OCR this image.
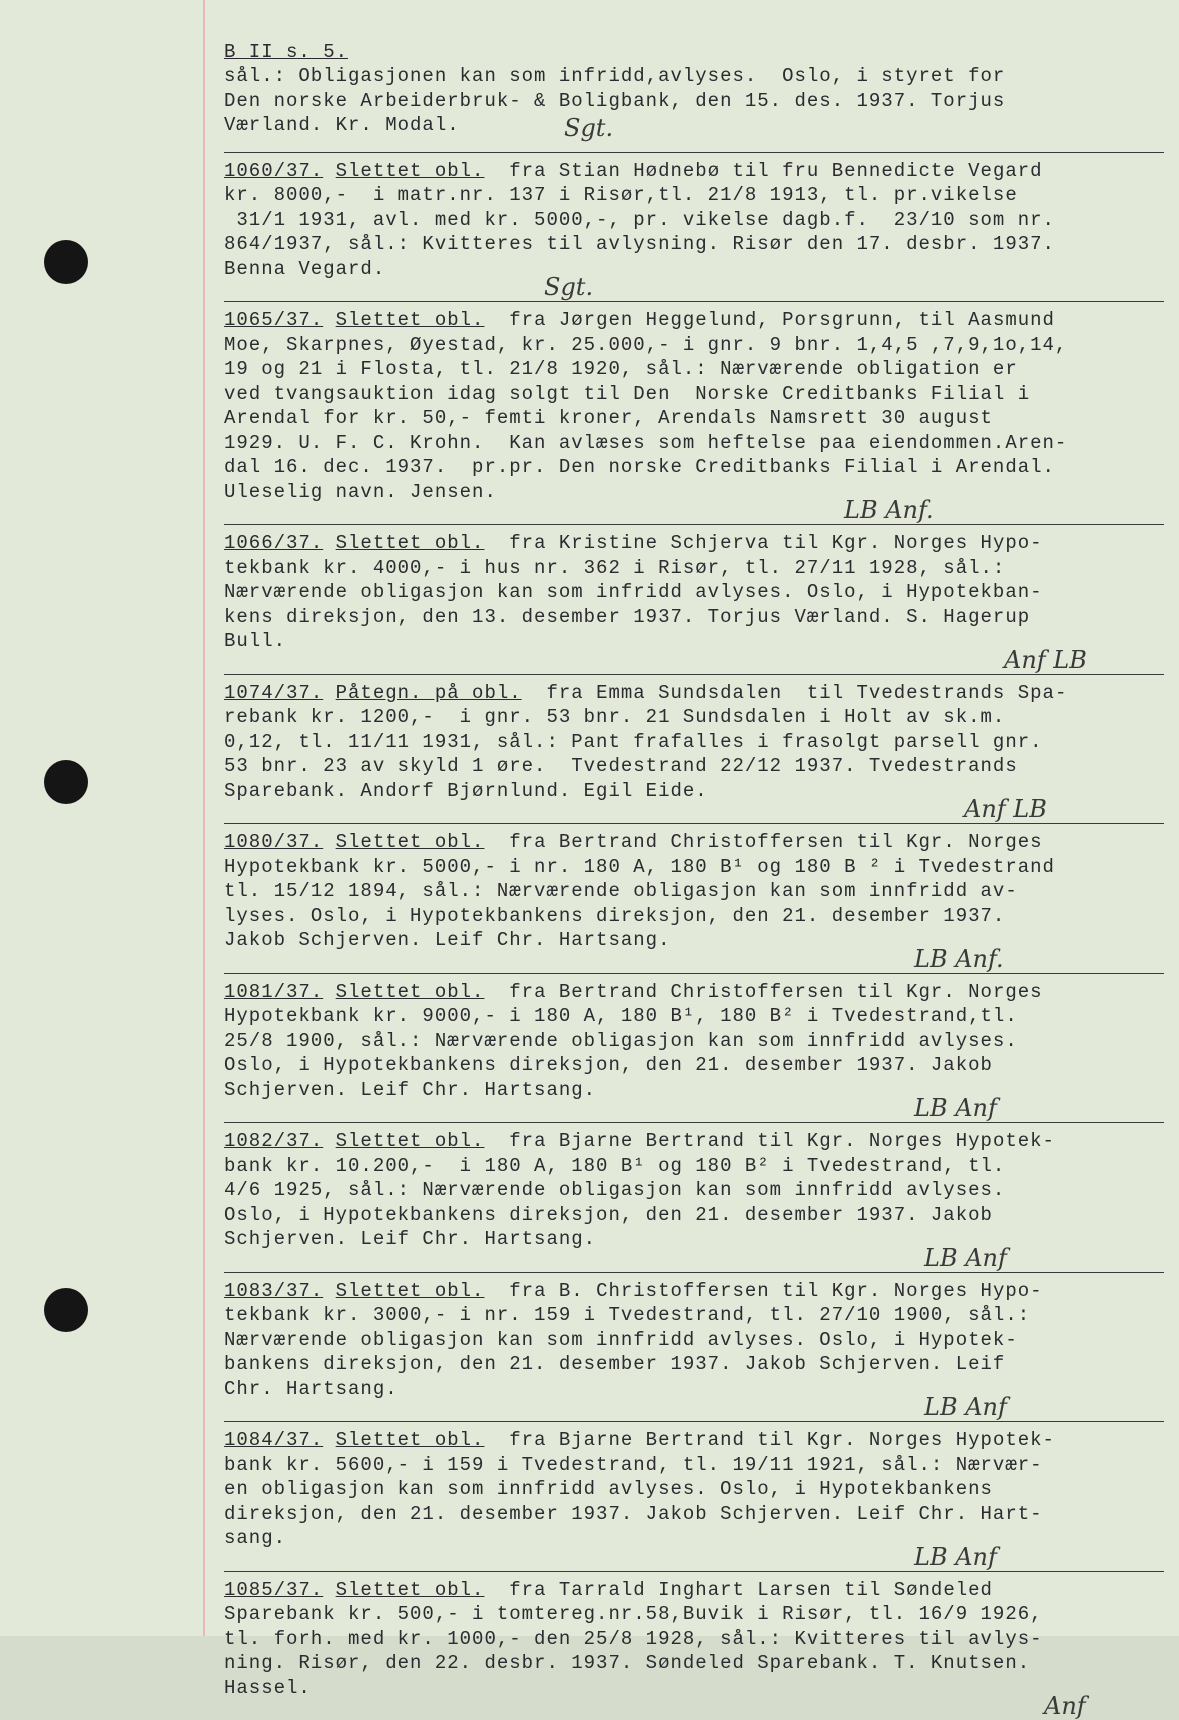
B II s. 5.
sål.: Obligasjonen kan som infridd,avlyses.  Oslo, i styret for
Den norske Arbeiderbruk- & Boligbank, den 15. des. 1937. Torjus
Værland. Kr. Modal.	Sgt.
1060/37. Slettet obl. fra Stian Hødnebø til fru Bennedicte Vegard
kr. 8000,-  i matr.nr. 137 i Risør,tl. 21/8 1913, tl. pr.vikelse
31/1 1931, avl. med kr. 5000,-, pr. vikelse dagb.f.  23/10 som nr.
864/1937, sål.: Kvitteres til avlysning. Risør den 17. desbr. 1937.
Benna Vegard.
Sgt.
1065/37. Slettet obl. fra Jørgen Heggelund, Porsgrunn, til Aasmund
Moe, Skarpnes, Øyestad, kr. 25.000,- i gnr. 9 bnr. 1,4,5 ,7,9,1o,14,
19 og 21 i Flosta, tl. 21/8 1920, sål.: Nærværende obligation er
ved tvangsauktion idag solgt til Den  Norske Creditbanks Filial i
Arendal for kr. 50,- femti kroner, Arendals Namsrett 30 august
1929. U. F. C. Krohn.  Kan avlæses som heftelse paa eiendommen.Aren-
dal 16. dec. 1937.  pr.pr. Den norske Creditbanks Filial i Arendal.
Uleselig navn. Jensen.
LB Anf.
1066/37. Slettet obl. fra Kristine Schjerva til Kgr. Norges Hypo-
tekbank kr. 4000,- i hus nr. 362 i Risør, tl. 27/11 1928, sål.:
Nærværende obligasjon kan som infridd avlyses. Oslo, i Hypotekban-
kens direksjon, den 13. desember 1937. Torjus Værland. S. Hagerup
Bull.
Anf LB
1074/37. Påtegn. på obl. fra Emma Sundsdalen  til Tvedestrands Spa-
rebank kr. 1200,-  i gnr. 53 bnr. 21 Sundsdalen i Holt av sk.m.
0,12, tl. 11/11 1931, sål.: Pant frafalles i frasolgt parsell gnr.
53 bnr. 23 av skyld 1 øre.  Tvedestrand 22/12 1937. Tvedestrands
Sparebank. Andorf Bjørnlund. Egil Eide.
Anf LB
1080/37. Slettet obl. fra Bertrand Christoffersen til Kgr. Norges
Hypotekbank kr. 5000,- i nr. 180 A, 180 B¹ og 180 B ² i Tvedestrand
tl. 15/12 1894, sål.: Nærværende obligasjon kan som innfridd av-
lyses. Oslo, i Hypotekbankens direksjon, den 21. desember 1937.
Jakob Schjerven. Leif Chr. Hartsang.
LB Anf.
1081/37. Slettet obl. fra Bertrand Christoffersen til Kgr. Norges
Hypotekbank kr. 9000,- i 180 A, 180 B¹, 180 B² i Tvedestrand,tl.
25/8 1900, sål.: Nærværende obligasjon kan som innfridd avlyses.
Oslo, i Hypotekbankens direksjon, den 21. desember 1937. Jakob
Schjerven. Leif Chr. Hartsang.
LB Anf
1082/37. Slettet obl. fra Bjarne Bertrand til Kgr. Norges Hypotek-
bank kr. 10.200,-  i 180 A, 180 B¹ og 180 B² i Tvedestrand, tl.
4/6 1925, sål.: Nærværende obligasjon kan som innfridd avlyses.
Oslo, i Hypotekbankens direksjon, den 21. desember 1937. Jakob
Schjerven. Leif Chr. Hartsang.
LB Anf
1083/37. Slettet obl. fra B. Christoffersen til Kgr. Norges Hypo-
tekbank kr. 3000,- i nr. 159 i Tvedestrand, tl. 27/10 1900, sål.:
Nærværende obligasjon kan som innfridd avlyses. Oslo, i Hypotek-
bankens direksjon, den 21. desember 1937. Jakob Schjerven. Leif
Chr. Hartsang.
LB Anf
1084/37. Slettet obl. fra Bjarne Bertrand til Kgr. Norges Hypotek-
bank kr. 5600,- i 159 i Tvedestrand, tl. 19/11 1921, sål.: Nærvær-
en obligasjon kan som innfridd avlyses. Oslo, i Hypotekbankens
direksjon, den 21. desember 1937. Jakob Schjerven. Leif Chr. Hart-
sang.
LB Anf
1085/37. Slettet obl. fra Tarrald Inghart Larsen til Søndeled
Sparebank kr. 500,- i tomtereg.nr.58,Buvik i Risør, tl. 16/9 1926,
tl. forh. med kr. 1000,- den 25/8 1928, sål.: Kvitteres til avlys-
ning. Risør, den 22. desbr. 1937. Søndeled Sparebank. T. Knutsen.
Hassel.
Anf
